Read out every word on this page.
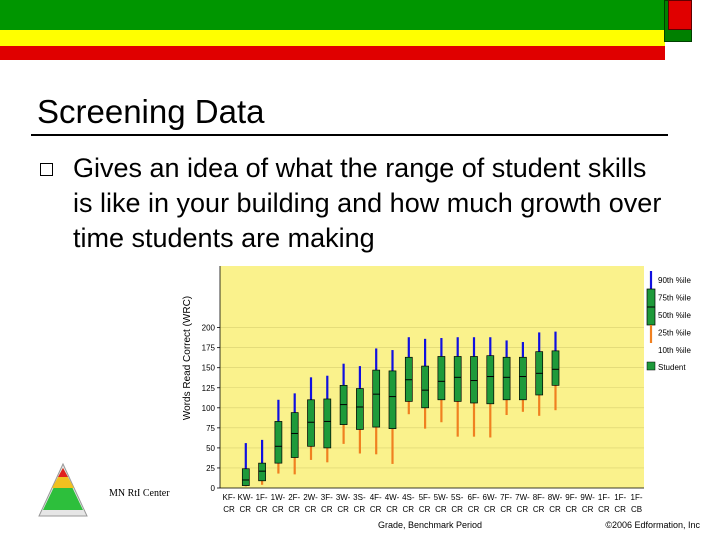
Screening Data
Gives an idea of what the range of student skills is like in your building and how much growth over time students are making
0
25
50
75
100
125
150
175
200
KF-
CR
KW-
CR
1F-
CR
1W-
CR
2F-
CR
2W-
CR
3F-
CR
3W-
CR
3S-
CR
4F-
CR
4W-
CR
4S-
CR
5F-
CR
5W-
CR
5S-
CR
6F-
CR
6W-
CR
7F-
CR
7W-
CR
8F-
CR
8W-
CR
9F-
CR
9W-
CR
1F-
CR
1F-
CR
1F-
CB
90th %ile
75th %ile
50th %ile
25th %ile
10th %ile
Student
Words Read Correct (WRC)
Grade, Benchmark Period	©2006 Edformation, Inc
MN RtI Center
